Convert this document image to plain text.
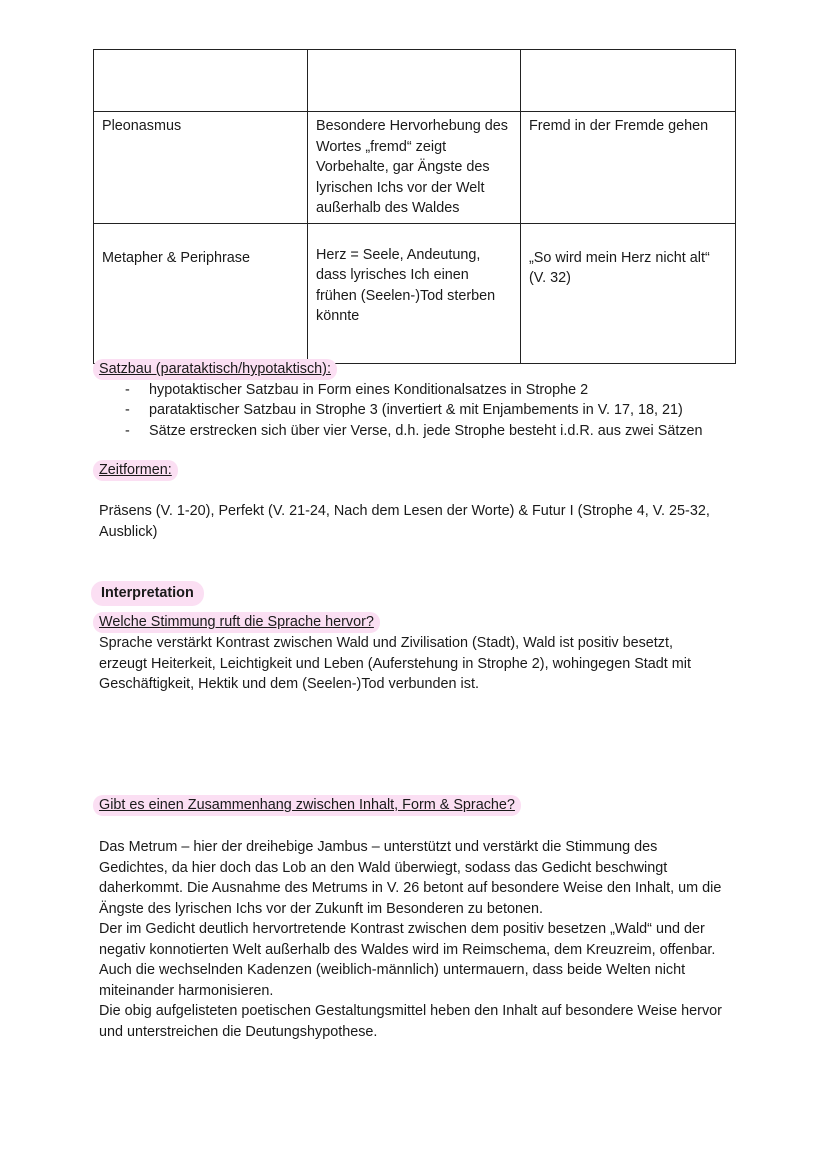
Pleonasmus	Besondere Hervorhebung des Wortes „fremd“ zeigt Vorbehalte, gar Ängste des lyrischen Ichs vor der Welt außerhalb des Waldes	Fremd in der Fremde gehen
Metapher & Periphrase	Herz = Seele, Andeutung, dass lyrisches Ich einen frühen (Seelen-)Tod sterben könnte	„So wird mein Herz nicht alt“ (V. 32)
Satzbau (parataktisch/hypotaktisch):
- hypotaktischer Satzbau in Form eines Konditionalsatzes in Strophe 2
- parataktischer Satzbau in Strophe 3 (invertiert & mit Enjambements in V. 17, 18, 21)
- Sätze erstrecken sich über vier Verse, d.h. jede Strophe besteht i.d.R. aus zwei Sätzen
Zeitformen:

Präsens (V. 1-20), Perfekt (V. 21-24, Nach dem Lesen der Worte) & Futur I (Strophe 4, V. 25-32, Ausblick)

Interpretation
Welche Stimmung ruft die Sprache hervor?

Sprache verstärkt Kontrast zwischen Wald und Zivilisation (Stadt), Wald ist positiv besetzt, erzeugt Heiterkeit, Leichtigkeit und Leben (Auferstehung in Strophe 2), wohingegen Stadt mit Geschäftigkeit, Hektik und dem (Seelen-)Tod verbunden ist.

Gibt es einen Zusammenhang zwischen Inhalt, Form & Sprache?

Das Metrum – hier der dreihebige Jambus – unterstützt und verstärkt die Stimmung des Gedichtes, da hier doch das Lob an den Wald überwiegt, sodass das Gedicht beschwingt daherkommt. Die Ausnahme des Metrums in V. 26 betont auf besondere Weise den Inhalt, um die Ängste des lyrischen Ichs vor der Zukunft im Besonderen zu betonen.

Der im Gedicht deutlich hervortretende Kontrast zwischen dem positiv besetzen „Wald“ und der negativ konnotierten Welt außerhalb des Waldes wird im Reimschema, dem Kreuzreim, offenbar. Auch die wechselnden Kadenzen (weiblich-männlich) untermauern, dass beide Welten nicht miteinander harmonisieren.

Die obig aufgelisteten poetischen Gestaltungsmittel heben den Inhalt auf besondere Weise hervor und unterstreichen die Deutungshypothese.
